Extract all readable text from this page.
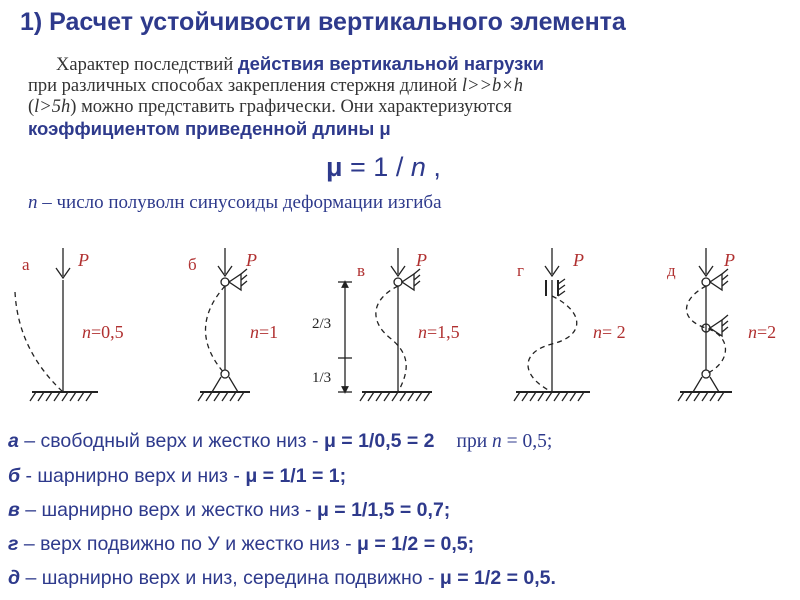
1) Расчет устойчивости вертикального элемента
Характер последствий действия вертикальной нагрузки
при различных способах закрепления стержня длиной l>>b×h
(l>5h) можно представить графически. Они характеризуются
коэффициентом приведенной длины μ
μ = 1 / n ,
n – число полуволн синусоиды деформации изгиба
а	P
n=0,5
б	P
n=1
в
P
2/3
1/3
n=1,5
г
P
n= 2
д
P
n=2
а – свободный верх и жестко низ - μ = 1/0,5 = 2 при n = 0,5;
б - шарнирно верх и низ - μ = 1/1 = 1;
в – шарнирно верх и жестко низ - μ = 1/1,5 = 0,7;
г – верх подвижно по У и жестко низ - μ = 1/2 = 0,5;
д – шарнирно верх и низ, середина подвижно - μ = 1/2 = 0,5.
